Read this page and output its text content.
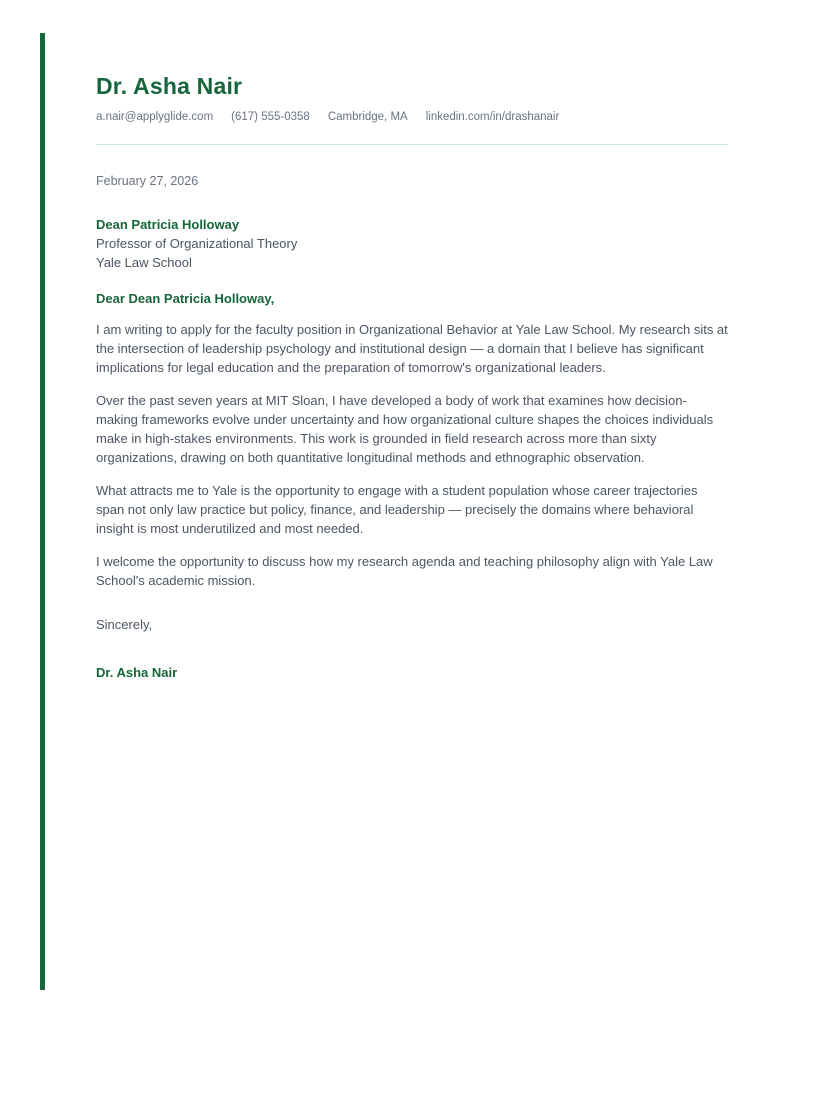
Dr. Asha Nair
a.nair@applyglide.com (617) 555-0358 Cambridge, MA linkedin.com/in/drashanair
February 27, 2026
Dean Patricia Holloway
Professor of Organizational Theory
Yale Law School
Dear Dean Patricia Holloway,

I am writing to apply for the faculty position in Organizational Behavior at Yale Law School. My research sits at the intersection of leadership psychology and institutional design — a domain that I believe has significant implications for legal education and the preparation of tomorrow's organizational leaders.

Over the past seven years at MIT Sloan, I have developed a body of work that examines how decision-making frameworks evolve under uncertainty and how organizational culture shapes the choices individuals make in high-stakes environments. This work is grounded in field research across more than sixty organizations, drawing on both quantitative longitudinal methods and ethnographic observation.

What attracts me to Yale is the opportunity to engage with a student population whose career trajectories span not only law practice but policy, finance, and leadership — precisely the domains where behavioral insight is most underutilized and most needed.

I welcome the opportunity to discuss how my research agenda and teaching philosophy align with Yale Law School's academic mission.

Sincerely,
Dr. Asha Nair
